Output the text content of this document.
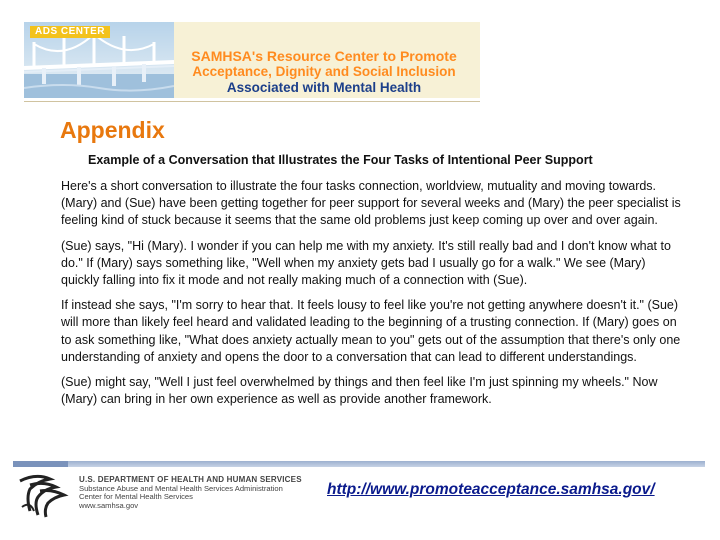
ADS CENTER
SAMHSA's Resource Center to Promote
Acceptance, Dignity and Social Inclusion
Associated with Mental Health
Appendix
Example of a Conversation that Illustrates the Four Tasks of Intentional Peer Support

Here's a short conversation to illustrate the four tasks connection, worldview, mutuality and moving towards. (Mary) and (Sue) have been getting together for peer support for several weeks and (Mary) the peer specialist is feeling kind of stuck because it seems that the same old problems just keep coming up over and over again.

(Sue) says, "Hi (Mary). I wonder if you can help me with my anxiety. It's still really bad and I don't know what to do." If (Mary) says something like, "Well when my anxiety gets bad I usually go for a walk." We see (Mary) quickly falling into fix it mode and not really making much of a connection with (Sue).

If instead she says, "I'm sorry to hear that. It feels lousy to feel like you're not getting anywhere doesn't it." (Sue) will more than likely feel heard and validated leading to the beginning of a trusting connection. If (Mary) goes on to ask something like, "What does anxiety actually mean to you" gets out of the assumption that there's only one understanding of anxiety and opens the door to a conversation that can lead to different understandings.

(Sue) might say, "Well I just feel overwhelmed by things and then feel like I'm just spinning my wheels." Now (Mary) can bring in her own experience as well as provide another framework.

U.S. DEPARTMENT OF HEALTH AND HUMAN SERVICES
Substance Abuse and Mental Health Services Administration
Center for Mental Health Services
www.samhsa.gov
http://www.promoteacceptance.samhsa.gov/
